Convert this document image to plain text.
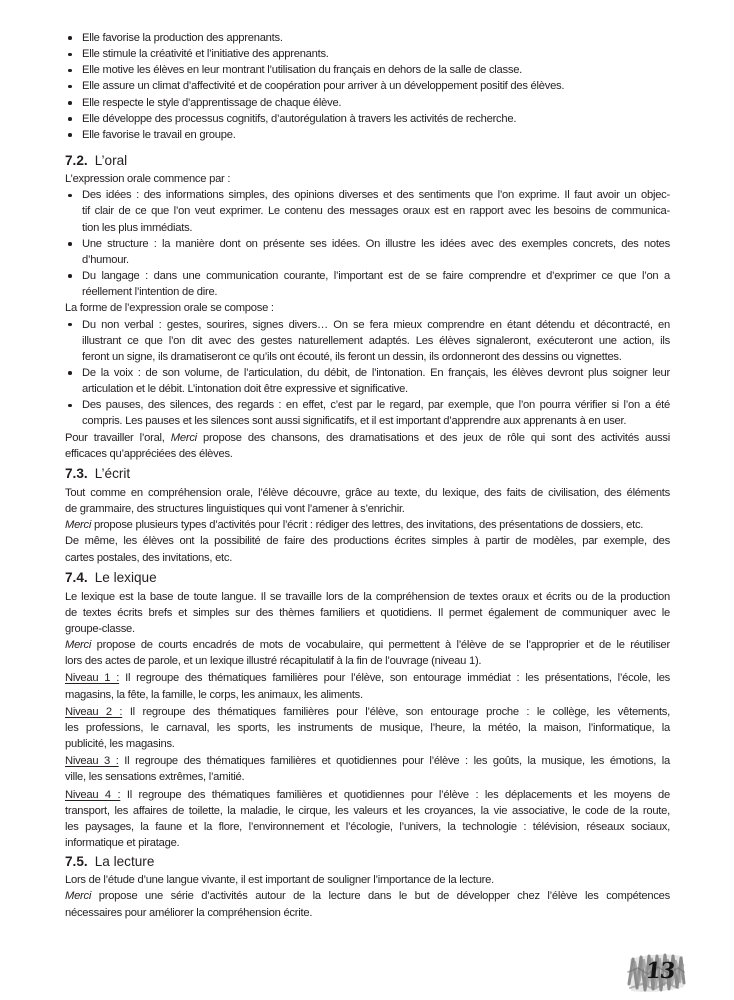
Elle favorise la production des apprenants.
Elle stimule la créativité et l’initiative des apprenants.
Elle motive les élèves en leur montrant l’utilisation du français en dehors de la salle de classe.
Elle assure un climat d’affectivité et de coopération pour arriver à un développement positif des élèves.
Elle respecte le style d’apprentissage de chaque élève.
Elle développe des processus cognitifs, d’autorégulation à travers les activités de recherche.
Elle favorise le travail en groupe.
7.2. L’oral
L’expression orale commence par :
Des idées : des informations simples, des opinions diverses et des sentiments que l’on exprime. Il faut avoir un objec-
tif clair de ce que l’on veut exprimer. Le contenu des messages oraux est en rapport avec les besoins de communica-
tion les plus immédiats.
Une structure : la manière dont on présente ses idées. On illustre les idées avec des exemples concrets, des notes
d’humour.
Du langage : dans une communication courante, l’important est de se faire comprendre et d’exprimer ce que l’on a
réellement l’intention de dire.
La forme de l’expression orale se compose :
Du non verbal : gestes, sourires, signes divers… On se fera mieux comprendre en étant détendu et décontracté, en
illustrant ce que l’on dit avec des gestes naturellement adaptés. Les élèves signaleront, exécuteront une action, ils
feront un signe, ils dramatiseront ce qu’ils ont écouté, ils feront un dessin, ils ordonneront des dessins ou vignettes.
De la voix : de son volume, de l’articulation, du débit, de l’intonation. En français, les élèves devront plus soigner leur
articulation et le débit. L’intonation doit être expressive et significative.
Des pauses, des silences, des regards : en effet, c’est par le regard, par exemple, que l’on pourra vérifier si l’on a été
compris. Les pauses et les silences sont aussi significatifs, et il est important d’apprendre aux apprenants à en user.
Pour travailler l’oral, Merci propose des chansons, des dramatisations et des jeux de rôle qui sont des activités aussi
efficaces qu’appréciées des élèves.
7.3. L’écrit
Tout comme en compréhension orale, l’élève découvre, grâce au texte, du lexique, des faits de civilisation, des éléments
de grammaire, des structures linguistiques qui vont l’amener à s’enrichir.
Merci propose plusieurs types d’activités pour l’écrit : rédiger des lettres, des invitations, des présentations de dossiers, etc.
De même, les élèves ont la possibilité de faire des productions écrites simples à partir de modèles, par exemple, des
cartes postales, des invitations, etc.
7.4. Le lexique
Le lexique est la base de toute langue. Il se travaille lors de la compréhension de textes oraux et écrits ou de la production
de textes écrits brefs et simples sur des thèmes familiers et quotidiens. Il permet également de communiquer avec le
groupe-classe.
Merci propose de courts encadrés de mots de vocabulaire, qui permettent à l’élève de se l’approprier et de le réutiliser
lors des actes de parole, et un lexique illustré récapitulatif à la fin de l’ouvrage (niveau 1).
Niveau 1 : Il regroupe des thématiques familières pour l’élève, son entourage immédiat : les présentations, l’école, les
magasins, la fête, la famille, le corps, les animaux, les aliments.
Niveau 2 : Il regroupe des thématiques familières pour l’élève, son entourage proche : le collège, les vêtements,
les professions, le carnaval, les sports, les instruments de musique, l’heure, la météo, la maison, l’informatique, la
publicité, les magasins.
Niveau 3 : Il regroupe des thématiques familières et quotidiennes pour l’élève : les goûts, la musique, les émotions, la
ville, les sensations extrêmes, l’amitié.
Niveau 4 : Il regroupe des thématiques familières et quotidiennes pour l’élève : les déplacements et les moyens de
transport, les affaires de toilette, la maladie, le cirque, les valeurs et les croyances, la vie associative, le code de la route,
les paysages, la faune et la flore, l’environnement et l’écologie, l’univers, la technologie : télévision, réseaux sociaux,
informatique et piratage.
7.5. La lecture
Lors de l’étude d’une langue vivante, il est important de souligner l’importance de la lecture.
Merci propose une série d’activités autour de la lecture dans le but de développer chez l’élève les compétences
nécessaires pour améliorer la compréhension écrite.
13
